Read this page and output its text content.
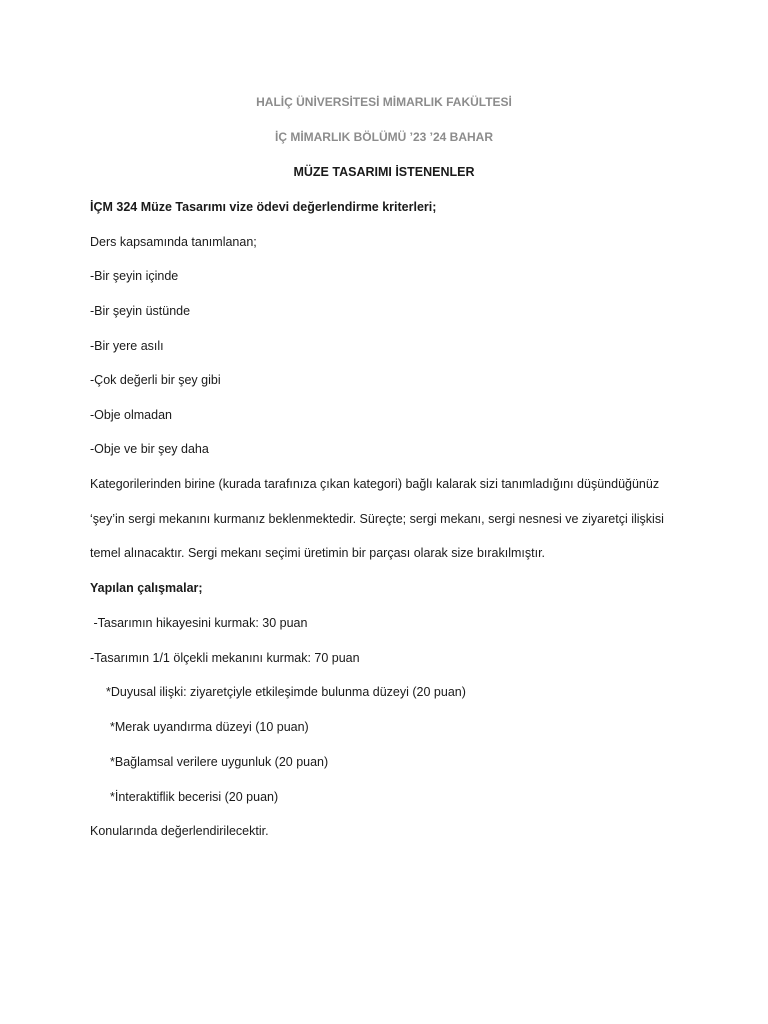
HALİÇ ÜNİVERSİTESİ MİMARLIK FAKÜLTESİ
İÇ MİMARLIK BÖLÜMÜ ’23 ’24 BAHAR
MÜZE TASARIMI İSTENENLER
İÇM 324 Müze Tasarımı vize ödevi değerlendirme kriterleri;
Ders kapsamında tanımlanan;
-Bir şeyin içinde
-Bir şeyin üstünde
-Bir yere asılı
-Çok değerli bir şey gibi
-Obje olmadan
-Obje ve bir şey daha
Kategorilerinden birine (kurada tarafınıza çıkan kategori) bağlı kalarak sizi tanımladığını düşündüğünüz
‘şey’in sergi mekanını kurmanız beklenmektedir. Süreçte; sergi mekanı, sergi nesnesi ve ziyaretçi ilişkisi
temel alınacaktır. Sergi mekanı seçimi üretimin bir parçası olarak size bırakılmıştır.
Yapılan çalışmalar;
-Tasarımın hikayesini kurmak: 30 puan
-Tasarımın 1/1 ölçekli mekanını kurmak: 70 puan
*Duyusal ilişki: ziyaretçiyle etkileşimde bulunma düzeyi (20 puan)
*Merak uyandırma düzeyi (10 puan)
*Bağlamsal verilere uygunluk (20 puan)
*İnteraktiflik becerisi (20 puan)
Konularında değerlendirilecektir.
